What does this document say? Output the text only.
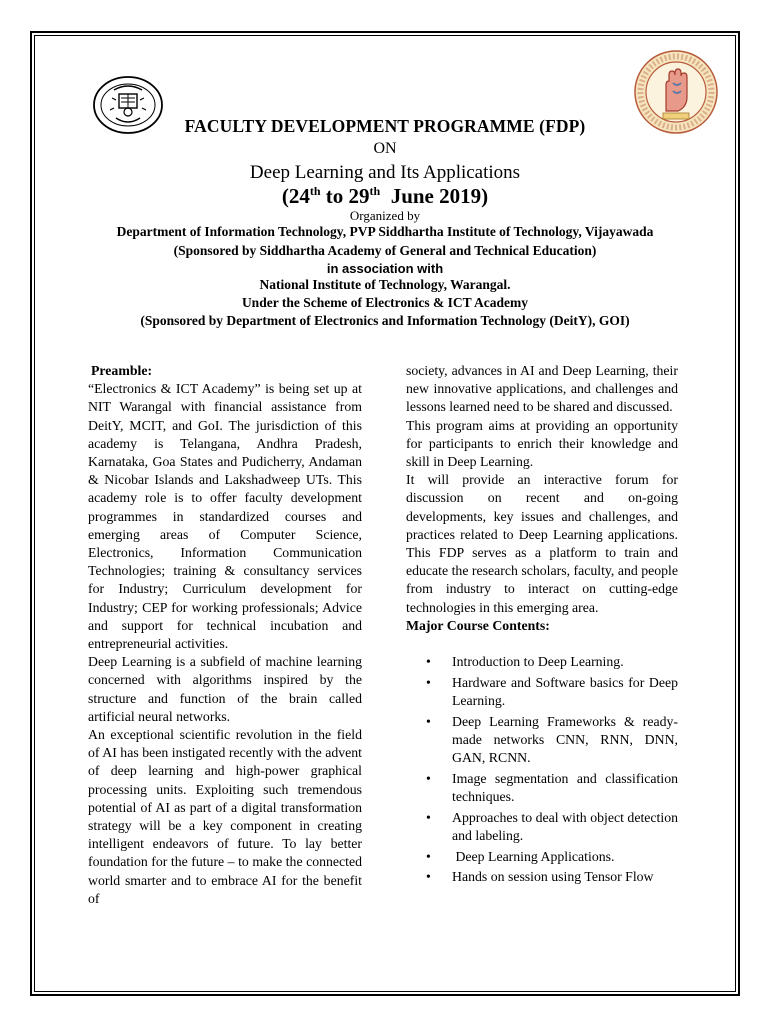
FACULTY DEVELOPMENT PROGRAMME (FDP)
ON
Deep Learning and Its Applications
(24th to 29th  June 2019)
Organized by
Department of Information Technology, PVP Siddhartha Institute of Technology, Vijayawada
(Sponsored by Siddhartha Academy of General and Technical Education)
in association with
National Institute of Technology, Warangal.
Under the Scheme of Electronics & ICT Academy
(Sponsored by Department of Electronics and Information Technology (DeitY), GOI)

Preamble:

“Electronics & ICT Academy” is being set up at NIT Warangal with financial assistance from DeitY, MCIT, and GoI. The jurisdiction of this academy is Telangana, Andhra Pradesh, Karnataka, Goa States and Pudicherry, Andaman & Nicobar Islands and Lakshadweep UTs. This academy role is to offer faculty development programmes in standardized courses and emerging areas of Computer Science, Electronics, Information Communication Technologies; training & consultancy services for Industry; Curriculum development for Industry; CEP for working professionals; Advice and support for technical incubation and entrepreneurial activities.

Deep Learning is a subfield of machine learning concerned with algorithms inspired by the structure and function of the brain called artificial neural networks.

An exceptional scientific revolution in the field of AI has been instigated recently with the advent of deep learning and high-power graphical processing units. Exploiting such tremendous potential of AI as part of a digital transformation strategy will be a key component in creating intelligent endeavors of future. To lay better foundation for the future – to make the connected world smarter and to embrace AI for the benefit of

society, advances in AI and Deep Learning, their new innovative applications, and challenges and lessons learned need to be shared and discussed.

This program aims at providing an opportunity for participants to enrich their knowledge and skill in Deep Learning.

It will provide an interactive forum for discussion on recent and on-going developments, key issues and challenges, and practices related to Deep Learning applications. This FDP serves as a platform to train and educate the research scholars, faculty, and people from industry to interact on cutting-edge technologies in this emerging area.

Major Course Contents:

• Introduction to Deep Learning.
• Hardware and Software basics for Deep Learning.
• Deep Learning Frameworks & ready-made networks CNN, RNN, DNN, GAN, RCNN.
• Image segmentation and classification techniques.
• Approaches to deal with object detection and labeling.
• Deep Learning Applications.
• Hands on session using Tensor Flow
